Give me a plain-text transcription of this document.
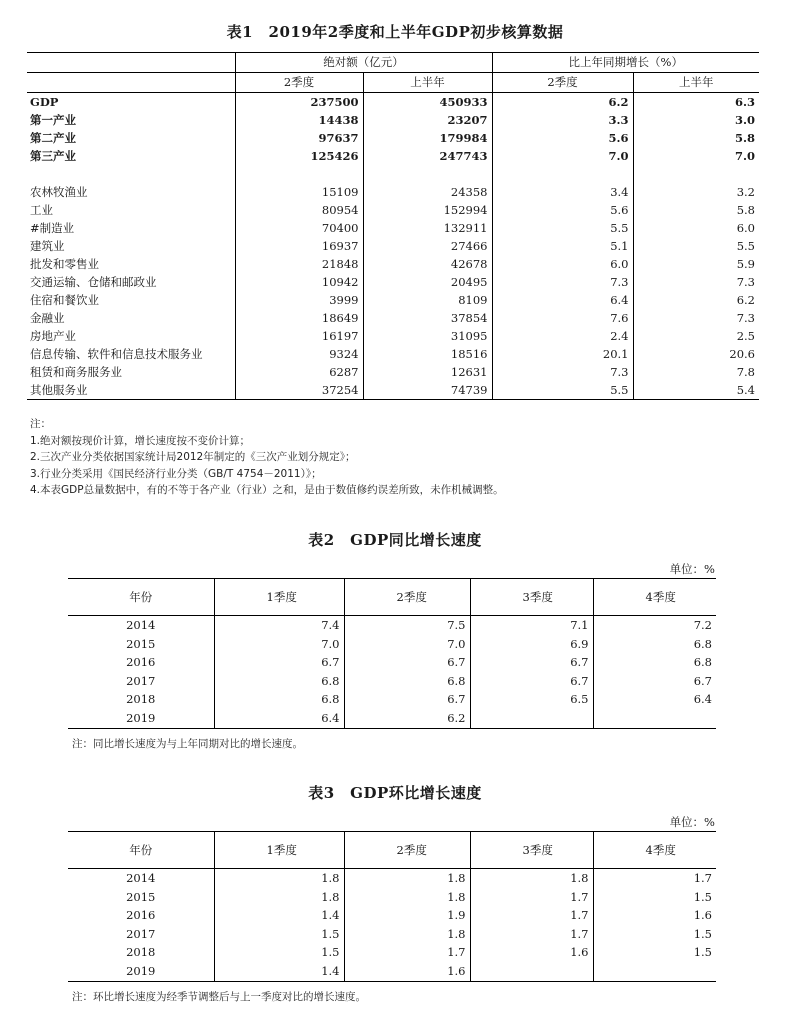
表1　2019年2季度和上半年GDP初步核算数据
	绝对额（亿元）		比上年同期增长（%）	
	2季度	上半年	2季度	上半年
GDP	237500	450933	6.2	6.3
第一产业	14438	23207	3.3	3.0
第二产业	97637	179984	5.6	5.8
第三产业	125426	247743	7.0	7.0

农林牧渔业	15109	24358	3.4	3.2
工业	80954	152994	5.6	5.8
#制造业	70400	132911	5.5	6.0
建筑业	16937	27466	5.1	5.5
批发和零售业	21848	42678	6.0	5.9
交通运输、仓储和邮政业	10942	20495	7.3	7.3
住宿和餐饮业	3999	8109	6.4	6.2
金融业	18649	37854	7.6	7.3
房地产业	16197	31095	2.4	2.5
信息传输、软件和信息技术服务业	9324	18516	20.1	20.6
租赁和商务服务业	6287	12631	7.3	7.8
其他服务业	37254	74739	5.5	5.4
注：
1.绝对额按现价计算，增长速度按不变价计算；
2.三次产业分类依据国家统计局2012年制定的《三次产业划分规定》；
3.行业分类采用《国民经济行业分类（GB/T 4754－2011）》；
4.本表GDP总量数据中，有的不等于各产业（行业）之和，是由于数值修约误差所致，未作机械调整。
表2　GDP同比增长速度
单位：%
年份	1季度	2季度	3季度	4季度
2014	7.4	7.5	7.1	7.2
2015	7.0	7.0	6.9	6.8
2016	6.7	6.7	6.7	6.8
2017	6.8	6.8	6.7	6.7
2018	6.8	6.7	6.5	6.4
2019	6.4	6.2		
注：同比增长速度为与上年同期对比的增长速度。
表3　GDP环比增长速度
单位：%
年份	1季度	2季度	3季度	4季度
2014	1.8	1.8	1.8	1.7
2015	1.8	1.8	1.7	1.5
2016	1.4	1.9	1.7	1.6
2017	1.5	1.8	1.7	1.5
2018	1.5	1.7	1.6	1.5
2019	1.4	1.6		
注：环比增长速度为经季节调整后与上一季度对比的增长速度。
